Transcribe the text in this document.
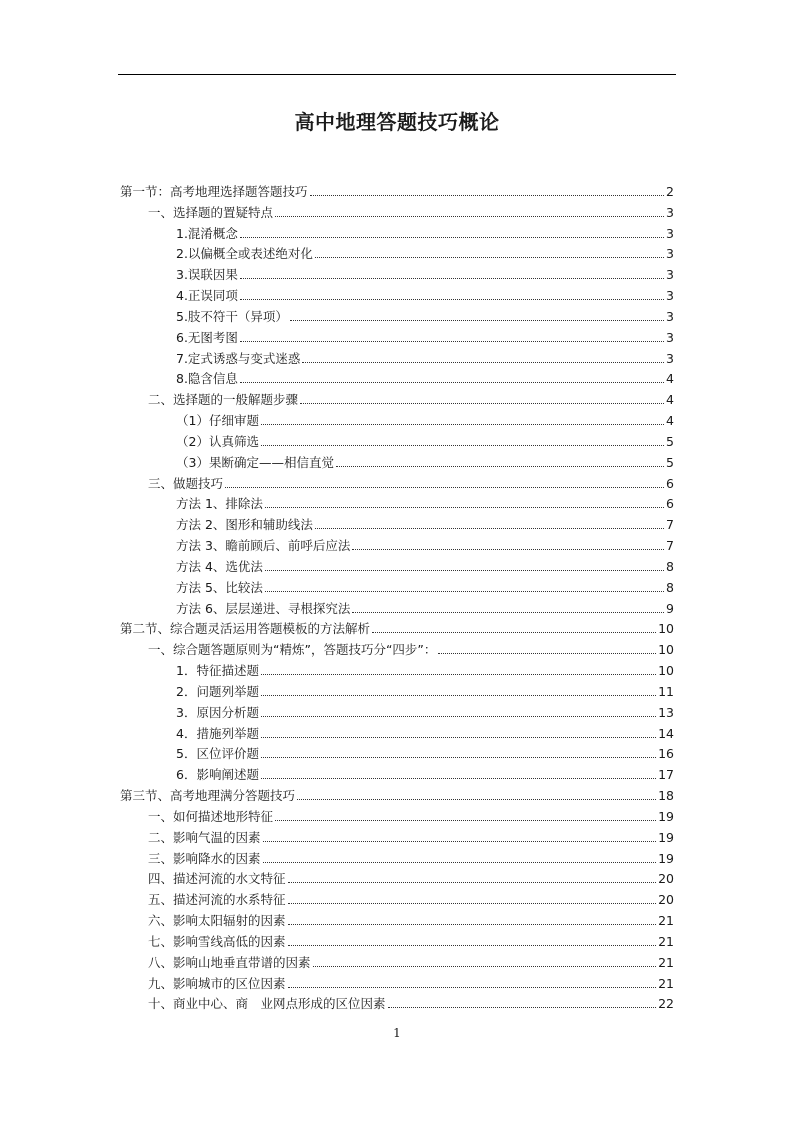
高中地理答题技巧概论
第一节：高考地理选择题答题技巧	2
一、选择题的置疑特点	3
1.混淆概念	3
2.以偏概全或表述绝对化	3
3.误联因果	3
4.正误同项	3
5.肢不符干（异项）	3
6.无图考图	3
7.定式诱惑与变式迷惑	3
8.隐含信息	4
二、选择题的一般解题步骤	4
（1）仔细审题	4
（2）认真筛选	5
（3）果断确定——相信直觉	5
三、做题技巧	6
方法 1、排除法	6
方法 2、图形和辅助线法	7
方法 3、瞻前顾后、前呼后应法	7
方法 4、选优法	8
方法 5、比较法	8
方法 6、层层递进、寻根探究法	9
第二节、综合题灵活运用答题模板的方法解析	10
一、综合题答题原则为“精炼”，答题技巧分“四步”：	10
1．特征描述题	10
2．问题列举题	11
3．原因分析题	13
4．措施列举题	14
5．区位评价题	16
6．影响阐述题	17
第三节、高考地理满分答题技巧	18
一、如何描述地形特征	19
二、影响气温的因素	19
三、影响降水的因素	19
四、描述河流的水文特征	20
五、描述河流的水系特征	20
六、影响太阳辐射的因素	21
七、影响雪线高低的因素	21
八、影响山地垂直带谱的因素	21
九、影响城市的区位因素	21
十、商业中心、商　业网点形成的区位因素	22
1
